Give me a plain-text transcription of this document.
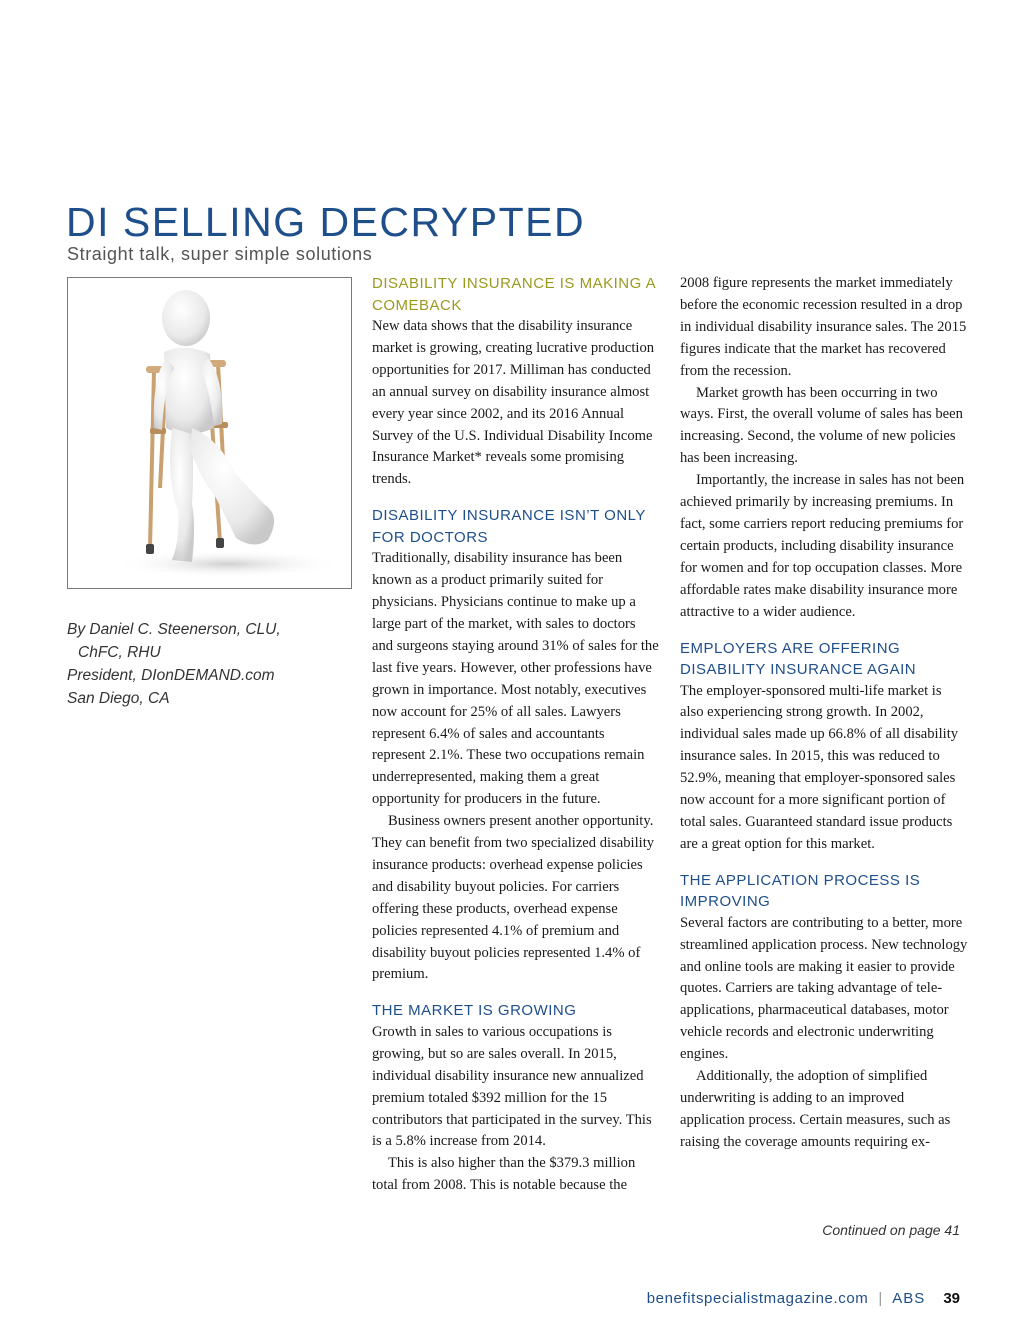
DI SELLING DECRYPTED
Straight talk, super simple solutions
By Daniel C. Steenerson, CLU,
ChFC, RHU
President, DIonDEMAND.com
San Diego, CA
DISABILITY INSURANCE IS MAKING A COMEBACK

New data shows that the disability insurance market is growing, creating lucrative production opportunities for 2017. Milliman has conducted an annual survey on disability insurance almost every year since 2002, and its 2016 Annual Survey of the U.S. Individual Disability Income Insurance Market* reveals some promising trends.

DISABILITY INSURANCE ISN’T ONLY FOR DOCTORS

Traditionally, disability insurance has been known as a product primarily suited for physicians. Physicians continue to make up a large part of the market, with sales to doctors and surgeons staying around 31% of sales for the last five years. However, other professions have grown in importance. Most notably, executives now account for 25% of all sales. Lawyers represent 6.4% of sales and accountants represent 2.1%. These two occupations remain underrepresented, making them a great opportunity for producers in the future.

Business owners present another opportunity. They can benefit from two specialized disability insurance products: overhead expense policies and disability buyout policies. For carriers offering these products, overhead expense policies represented 4.1% of premium and disability buyout policies represented 1.4% of premium.

THE MARKET IS GROWING

Growth in sales to various occupations is growing, but so are sales overall. In 2015, individual disability insurance new annualized premium totaled $392 million for the 15 contributors that participated in the survey. This is a 5.8% increase from 2014.

This is also higher than the $379.3 million total from 2008. This is notable because the

2008 figure represents the market immediately before the economic recession resulted in a drop in individual disability insurance sales. The 2015 figures indicate that the market has recovered from the recession.

Market growth has been occurring in two ways. First, the overall volume of sales has been increasing. Second, the volume of new policies has been increasing.

Importantly, the increase in sales has not been achieved primarily by increasing premiums. In fact, some carriers report reducing premiums for certain products, including disability insurance for women and for top occupation classes. More affordable rates make disability insurance more attractive to a wider audience.

EMPLOYERS ARE OFFERING DISABILITY INSURANCE AGAIN

The employer-sponsored multi-life market is also experiencing strong growth. In 2002, individual sales made up 66.8% of all disability insurance sales. In 2015, this was reduced to 52.9%, meaning that employer-sponsored sales now account for a more significant portion of total sales. Guaranteed standard issue products are a great option for this market.

THE APPLICATION PROCESS IS IMPROVING

Several factors are contributing to a better, more streamlined application process. New technology and online tools are making it easier to provide quotes. Carriers are taking advantage of tele-applications, pharmaceutical databases, motor vehicle records and electronic underwriting engines.

Additionally, the adoption of simplified underwriting is adding to an improved application process. Certain measures, such as raising the coverage amounts requiring ex-

Continued on page 41
benefitspecialistmagazine.com | ABS 39
